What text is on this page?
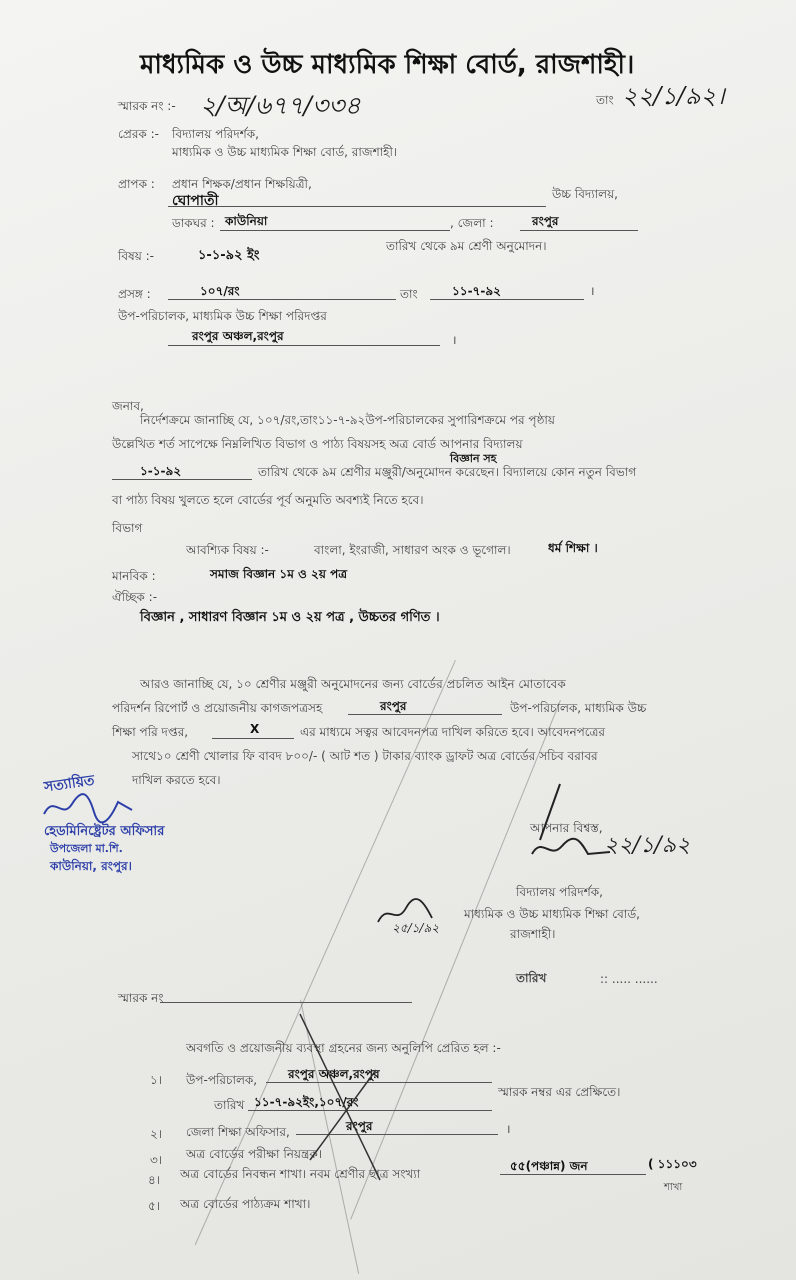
মাধ্যমিক ও উচ্চ মাধ্যমিক শিক্ষা বোর্ড, রাজশাহী।
স্মারক নং :- ২/অ/৬৭৭/৩৩৪	তাং ২২/১/৯২।
প্রেরক :- বিদ্যালয় পরিদর্শক,
মাধ্যমিক ও উচ্চ মাধ্যমিক শিক্ষা বোর্ড, রাজশাহী।
প্রাপক : প্রধান শিক্ষক/প্রধান শিক্ষয়িত্রী,
ঘোপাতী	উচ্চ বিদ্যালয়,
ডাকঘর : কাউনিয়া	, জেলা :	রংপুর
বিষয় :-	১-১-৯২ ইং
তারিখ থেকে ৯ম শ্রেণী অনুমোদন।
প্রসঙ্গ :	১০৭/রং	তাং	১১-৭-৯২	।
উপ-পরিচালক, মাধ্যমিক উচ্চ শিক্ষা পরিদপ্তর
রংপুর অঞ্চল,রংপুর	।
জনাব,
নির্দেশক্রমে জানাচ্ছি যে, ১০৭/রং,তাং১১-৭-৯২উপ-পরিচালকের সুপারিশক্রমে পর পৃষ্ঠায়
উল্লেখিত শর্ত সাপেক্ষে নিম্নলিখিত বিভাগ ও পাঠ্য বিষয়সহ অত্র বোর্ড আপনার বিদ্যালয়
বিজ্ঞান সহ
১-১-৯২	তারিখ থেকে ৯ম শ্রেণীর মঞ্জুরী/অনুমোদন করেছেন। বিদ্যালয়ে কোন নতুন বিভাগ
বা পাঠ্য বিষয় খুলতে হলে বোর্ডের পূর্ব অনুমতি অবশ্যই নিতে হবে।
বিভাগ
আবশ্যিক বিষয় :-	বাংলা, ইংরাজী, সাধারণ অংক ও ভূগোল।	ধর্ম শিক্ষা ।
মানবিক :	সমাজ বিজ্ঞান ১ম ও ২য় পত্র
ঐচ্ছিক :-
বিজ্ঞান , সাধারণ বিজ্ঞান ১ম ও ২য় পত্র , উচ্চতর গণিত ।
আরও জানাচ্ছি যে, ১০ শ্রেণীর মঞ্জুরী অনুমোদনের জন্য বোর্ডের প্রচলিত আইন মোতাবেক
পরিদর্শন রিপোর্ট ও প্রয়োজনীয় কাগজপত্রসহ	রংপুর	উপ-পরিচালক, মাধ্যমিক উচ্চ
শিক্ষা পরি দপ্তর,	X	এর মাধ্যমে সত্বর আবেদনপত্র দাখিল করিতে হবে। আবেদনপত্রের
সাথে১০ শ্রেণী খোলার ফি বাবদ ৮০০/- ( আট শত ) টাকার ব্যাংক ড্রাফট অত্র বোর্ডের সচিব বরাবর
দাখিল করতে হবে।
সত্যায়িত
হেডমিনিষ্ট্রেটর অফিসার
উপজেলা মা.শি.
কাউনিয়া, রংপুর।
আপনার বিশ্বস্ত,
২২/১/৯২
বিদ্যালয় পরিদর্শক,
মাধ্যমিক ও উচ্চ মাধ্যমিক শিক্ষা বোর্ড,
রাজশাহী।
২৫/১/৯২
তারিখ	:: ..... ......
স্মারক নং
অবগতি ও প্রয়োজনীয় ব্যবস্থা গ্রহনের জন্য অনুলিপি প্রেরিত হল :-
১। উপ-পরিচালক,	রংপুর অঞ্চল,রংপুর
তারিখ ১১-৭-৯২ইং,১০৭/রং
স্মারক নম্বর এর প্রেক্ষিতে।
২। জেলা শিক্ষা অফিসার,	রংপুর	।
৩। অত্র বোর্ডের পরীক্ষা নিয়ন্ত্রক।
৪। অত্র বোর্ডের নিবন্ধন শাখা। নবম শ্রেণীর ছাত্র সংখ্যা
৫৫(পঞ্চান্ন) জন	( ১১১০৩
শাখা
৫। অত্র বোর্ডের পাঠ্যক্রম শাখা।
